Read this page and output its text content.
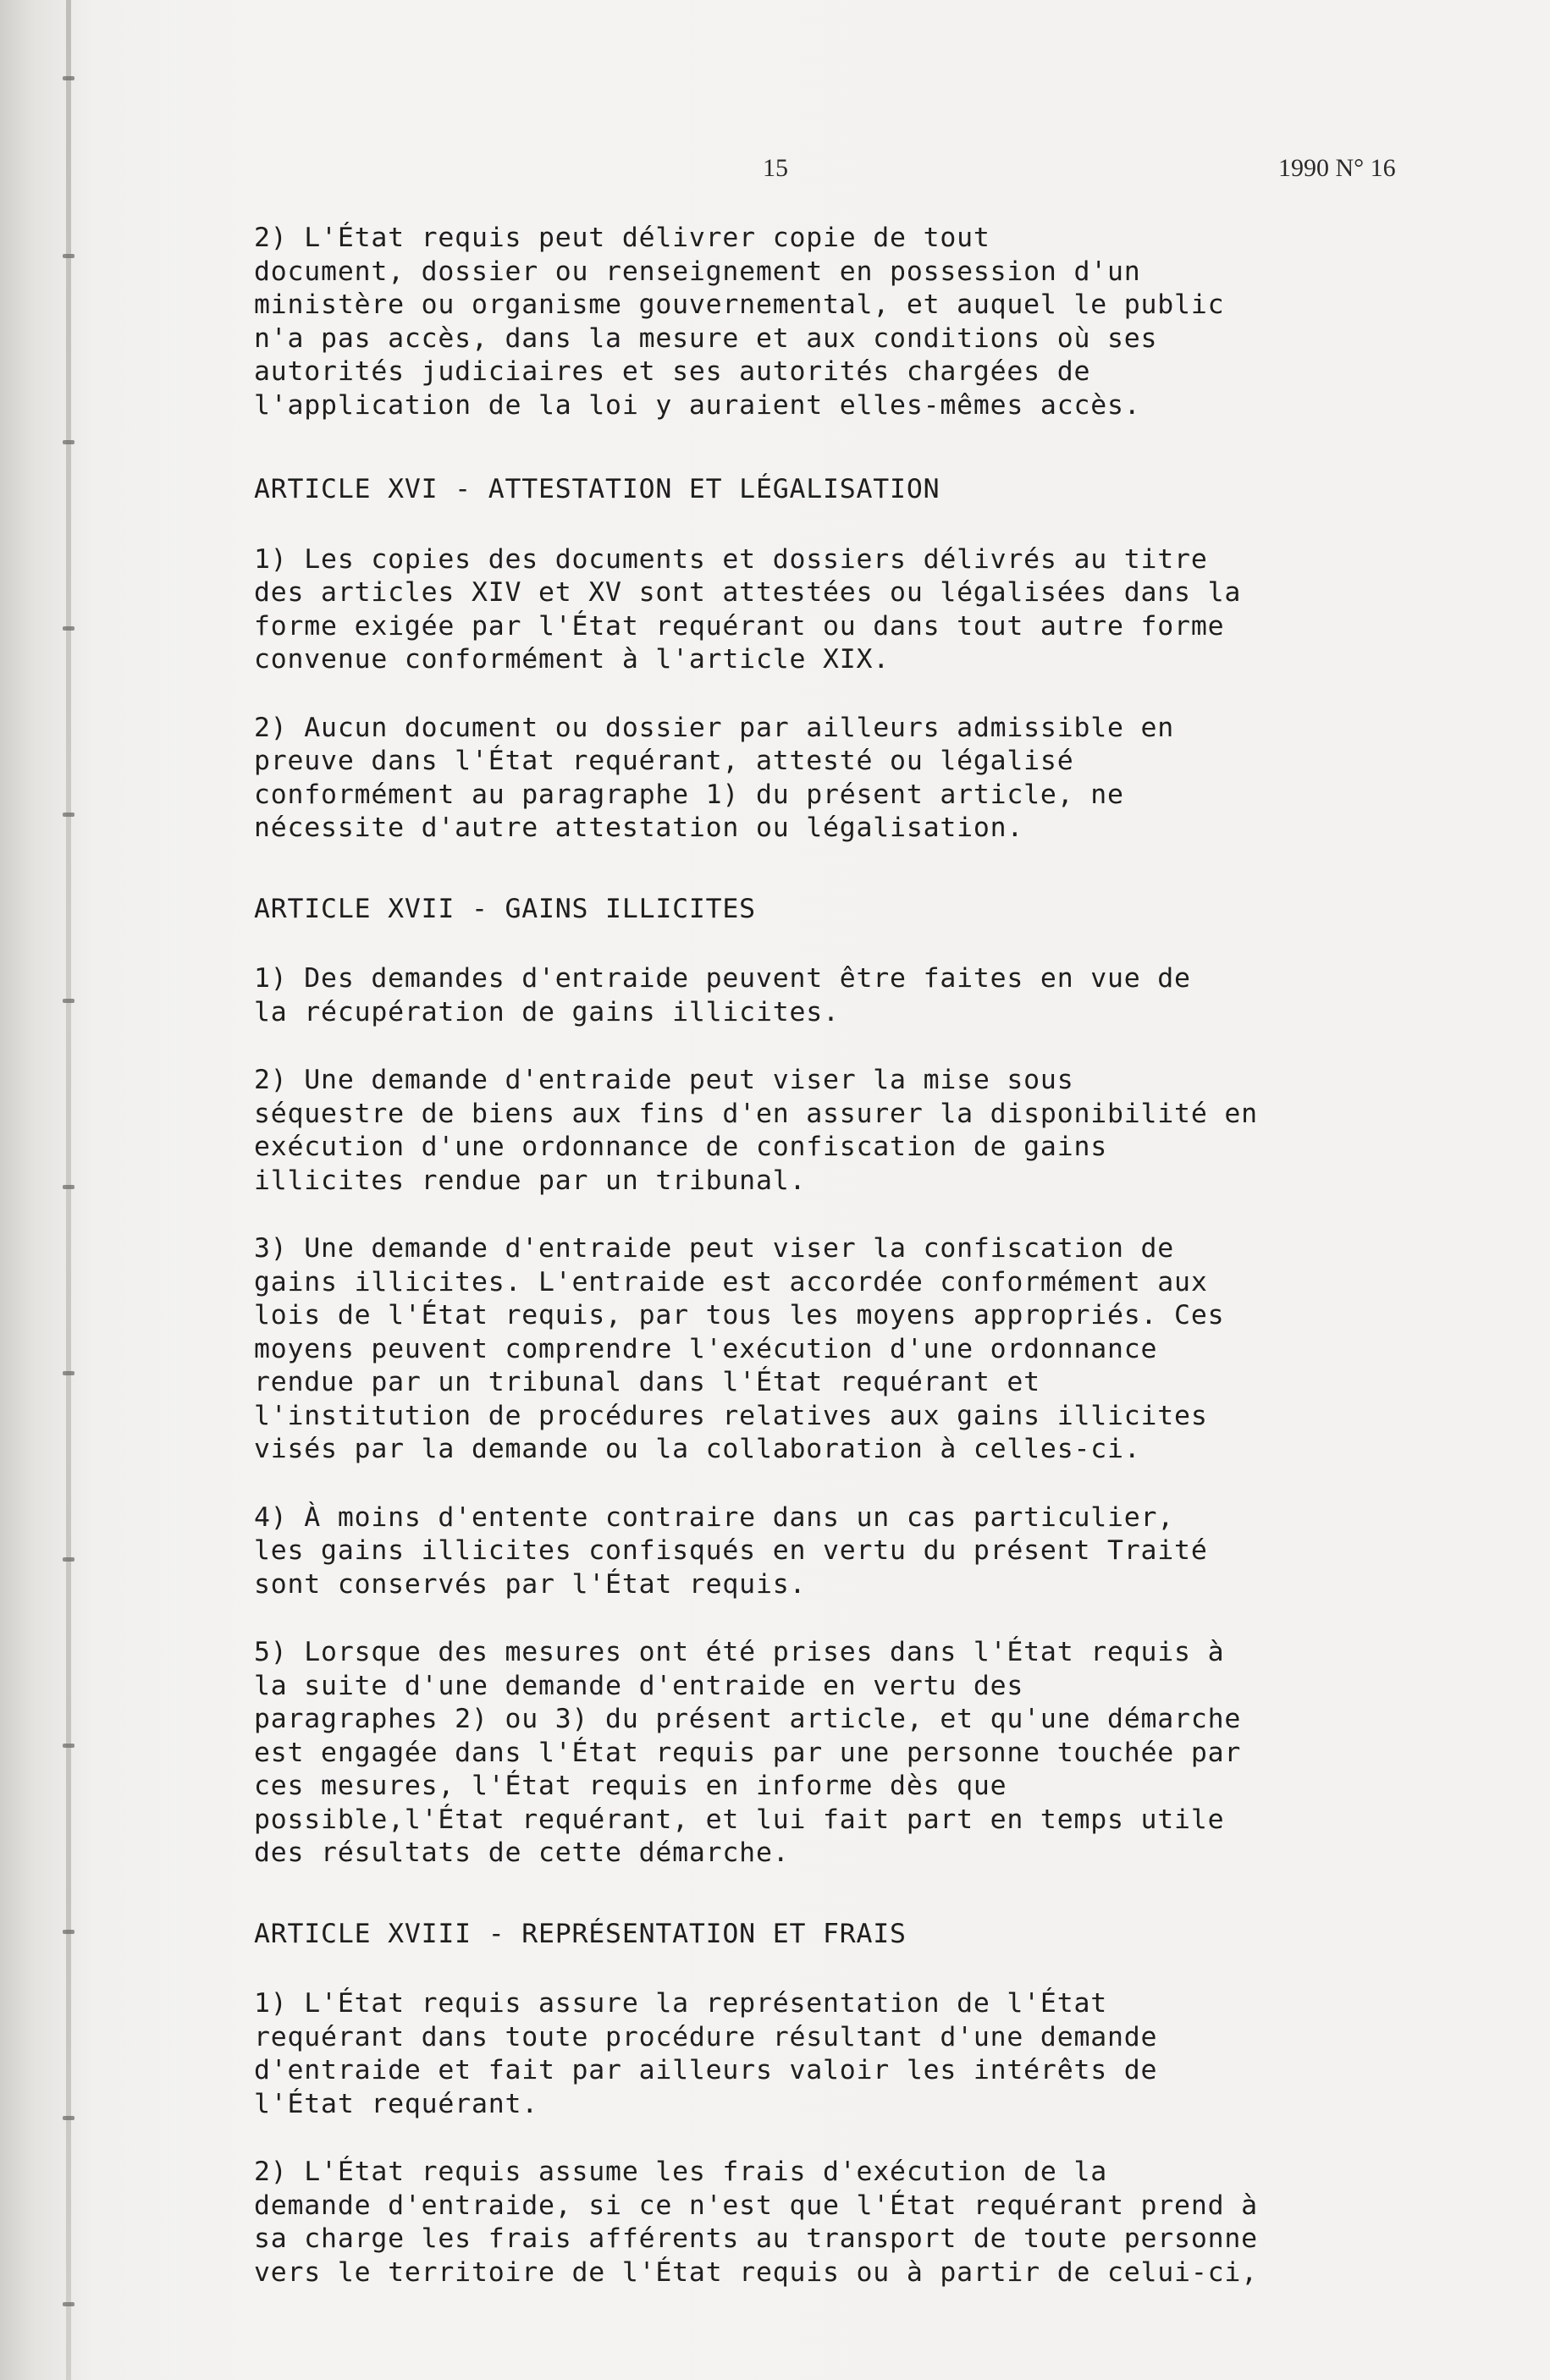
15	1990 N° 16

2) L'État requis peut délivrer copie de tout
document, dossier ou renseignement en possession d'un
ministère ou organisme gouvernemental, et auquel le public
n'a pas accès, dans la mesure et aux conditions où ses
autorités judiciaires et ses autorités chargées de
l'application de la loi y auraient elles-mêmes accès.

ARTICLE XVI - ATTESTATION ET LÉGALISATION

1) Les copies des documents et dossiers délivrés au titre
des articles XIV et XV sont attestées ou légalisées dans la
forme exigée par l'État requérant ou dans tout autre forme
convenue conformément à l'article XIX.

2) Aucun document ou dossier par ailleurs admissible en
preuve dans l'État requérant, attesté ou légalisé
conformément au paragraphe 1) du présent article, ne
nécessite d'autre attestation ou légalisation.

ARTICLE XVII - GAINS ILLICITES

1) Des demandes d'entraide peuvent être faites en vue de
la récupération de gains illicites.

2) Une demande d'entraide peut viser la mise sous
séquestre de biens aux fins d'en assurer la disponibilité en
exécution d'une ordonnance de confiscation de gains
illicites rendue par un tribunal.

3) Une demande d'entraide peut viser la confiscation de
gains illicites. L'entraide est accordée conformément aux
lois de l'État requis, par tous les moyens appropriés. Ces
moyens peuvent comprendre l'exécution d'une ordonnance
rendue par un tribunal dans l'État requérant et
l'institution de procédures relatives aux gains illicites
visés par la demande ou la collaboration à celles-ci.

4) À moins d'entente contraire dans un cas particulier,
les gains illicites confisqués en vertu du présent Traité
sont conservés par l'État requis.

5) Lorsque des mesures ont été prises dans l'État requis à
la suite d'une demande d'entraide en vertu des
paragraphes 2) ou 3) du présent article, et qu'une démarche
est engagée dans l'État requis par une personne touchée par
ces mesures, l'État requis en informe dès que
possible,l'État requérant, et lui fait part en temps utile
des résultats de cette démarche.

ARTICLE XVIII - REPRÉSENTATION ET FRAIS

1) L'État requis assure la représentation de l'État
requérant dans toute procédure résultant d'une demande
d'entraide et fait par ailleurs valoir les intérêts de
l'État requérant.

2) L'État requis assume les frais d'exécution de la
demande d'entraide, si ce n'est que l'État requérant prend à
sa charge les frais afférents au transport de toute personne
vers le territoire de l'État requis ou à partir de celui-ci,
